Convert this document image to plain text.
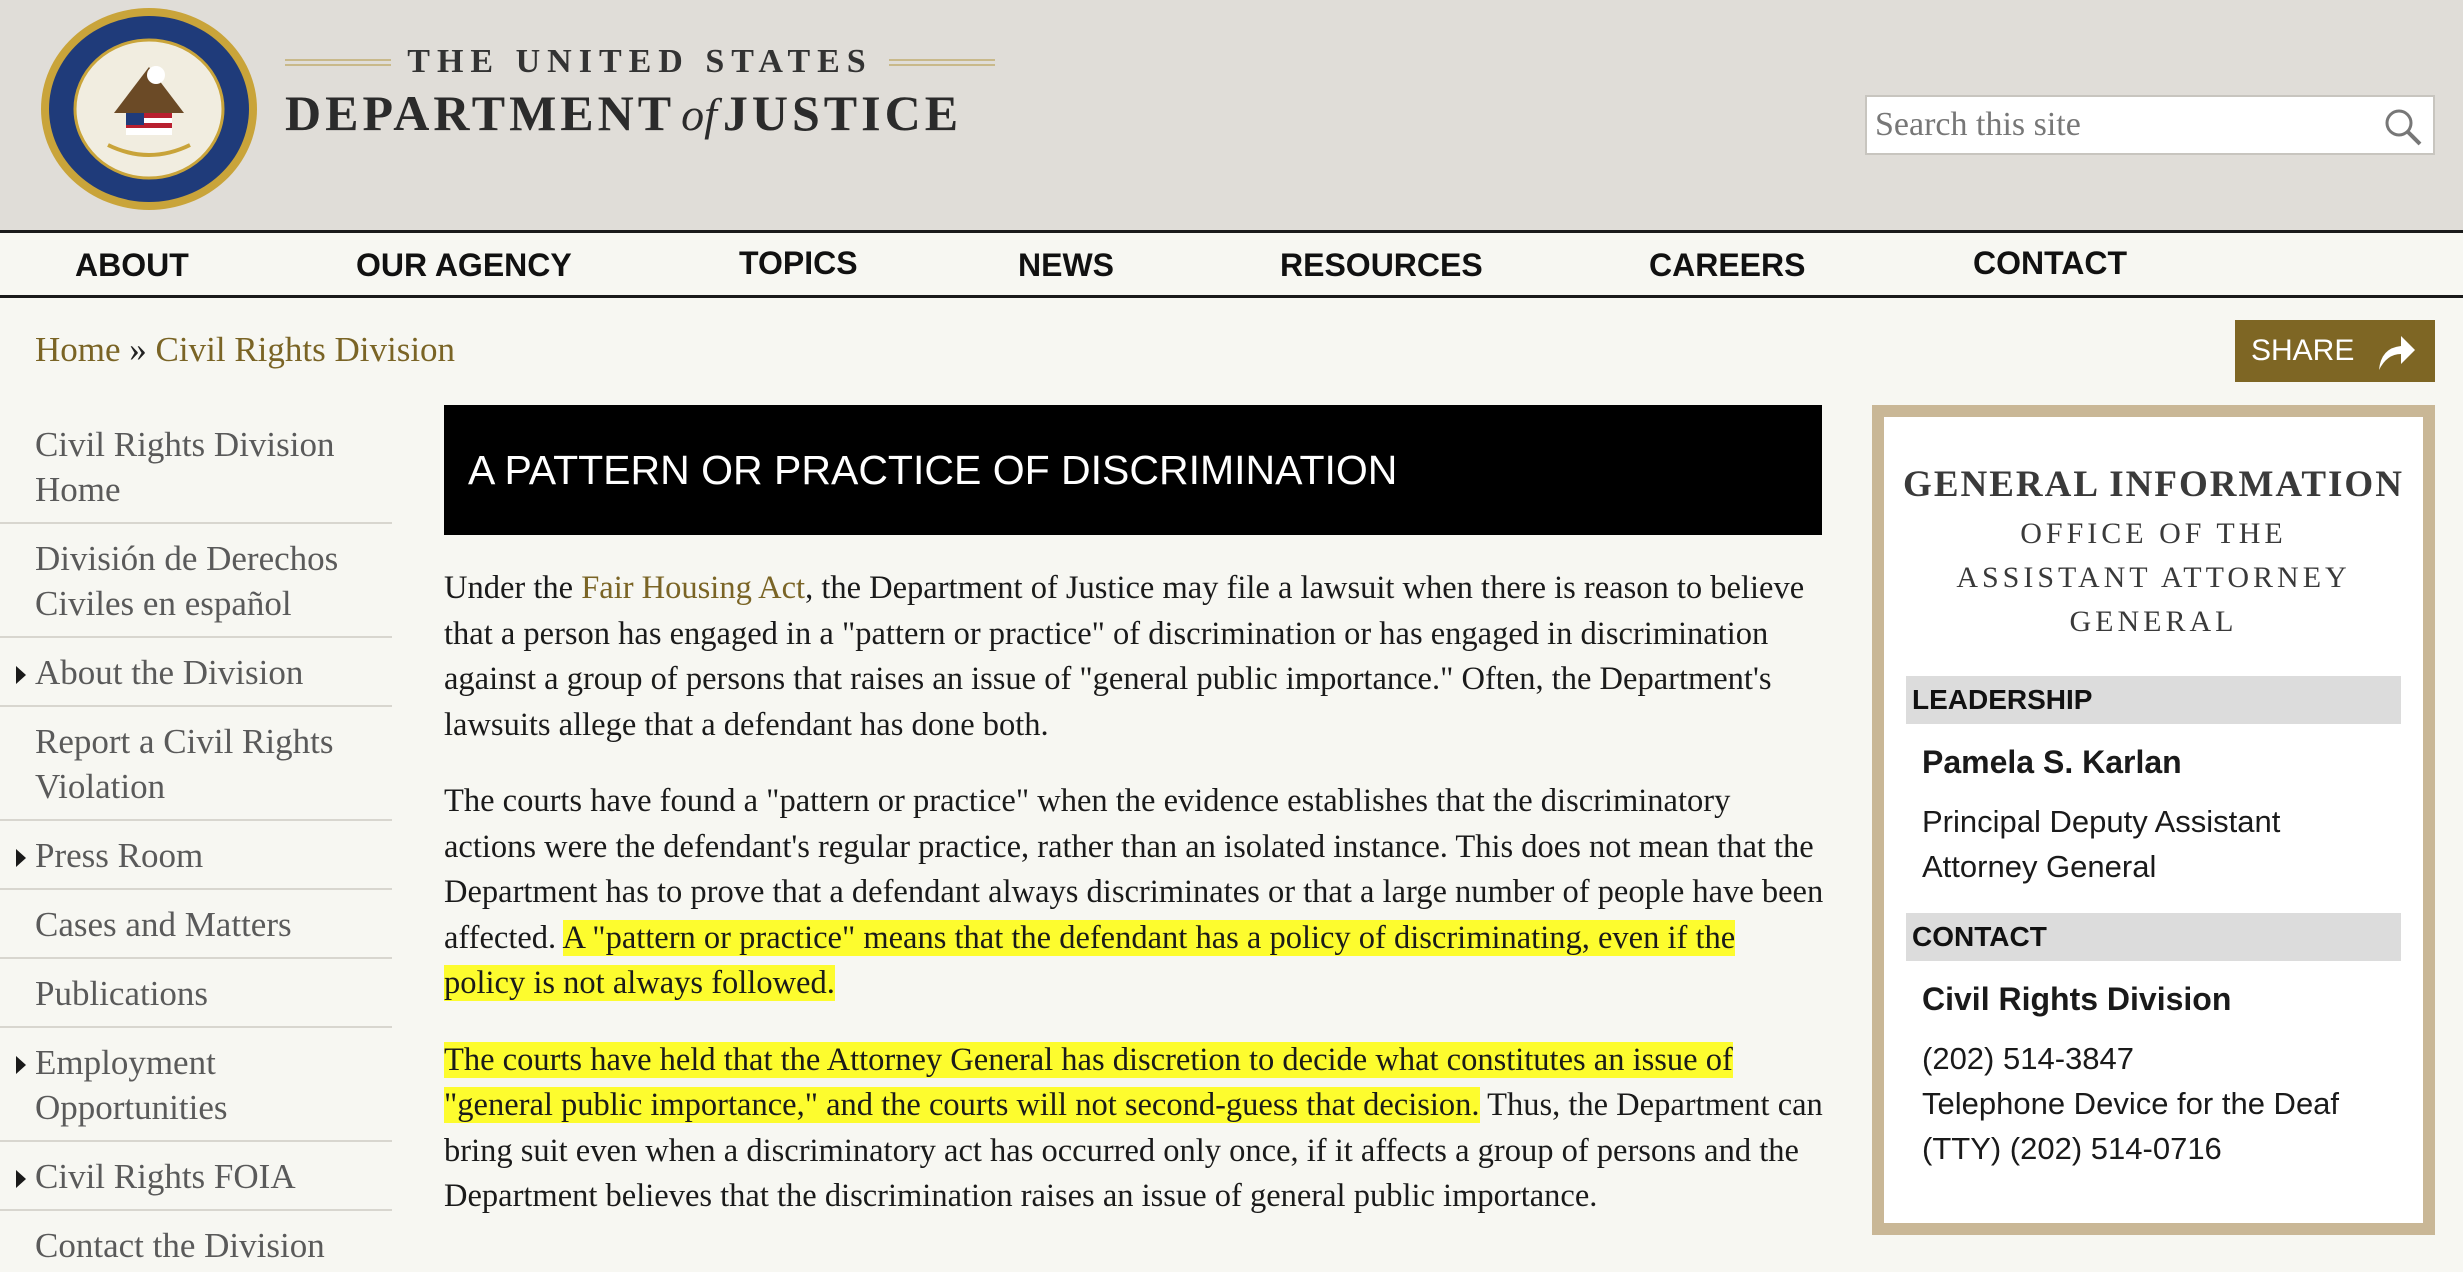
THE UNITED STATES
DEPARTMENT of JUSTICE
Search this site
ABOUT	OUR AGENCY	TOPICS	NEWS	RESOURCES	CAREERS	CONTACT
Home » Civil Rights Division	SHARE
Civil Rights Division Home
División de Derechos Civiles en español
About the Division
Report a Civil Rights Violation
Press Room
Cases and Matters
Publications
Employment Opportunities
Civil Rights FOIA
Contact the Division
A PATTERN OR PRACTICE OF DISCRIMINATION

Under the Fair Housing Act, the Department of Justice may file a lawsuit when there is reason to believe that a person has engaged in a "pattern or practice" of discrimination or has engaged in discrimination against a group of persons that raises an issue of "general public importance." Often, the Department's lawsuits allege that a defendant has done both.

The courts have found a "pattern or practice" when the evidence establishes that the discriminatory actions were the defendant's regular practice, rather than an isolated instance. This does not mean that the Department has to prove that a defendant always discriminates or that a large number of people have been affected. A "pattern or practice" means that the defendant has a policy of discriminating, even if the policy is not always followed.

The courts have held that the Attorney General has discretion to decide what constitutes an issue of "general public importance," and the courts will not second-guess that decision. Thus, the Department can bring suit even when a discriminatory act has occurred only once, if it affects a group of persons and the Department believes that the discrimination raises an issue of general public importance.

GENERAL INFORMATION
OFFICE OF THE ASSISTANT ATTORNEY GENERAL
LEADERSHIP
Pamela S. Karlan
Principal Deputy Assistant Attorney General
CONTACT
Civil Rights Division
(202) 514-3847
Telephone Device for the Deaf (TTY) (202) 514-0716
